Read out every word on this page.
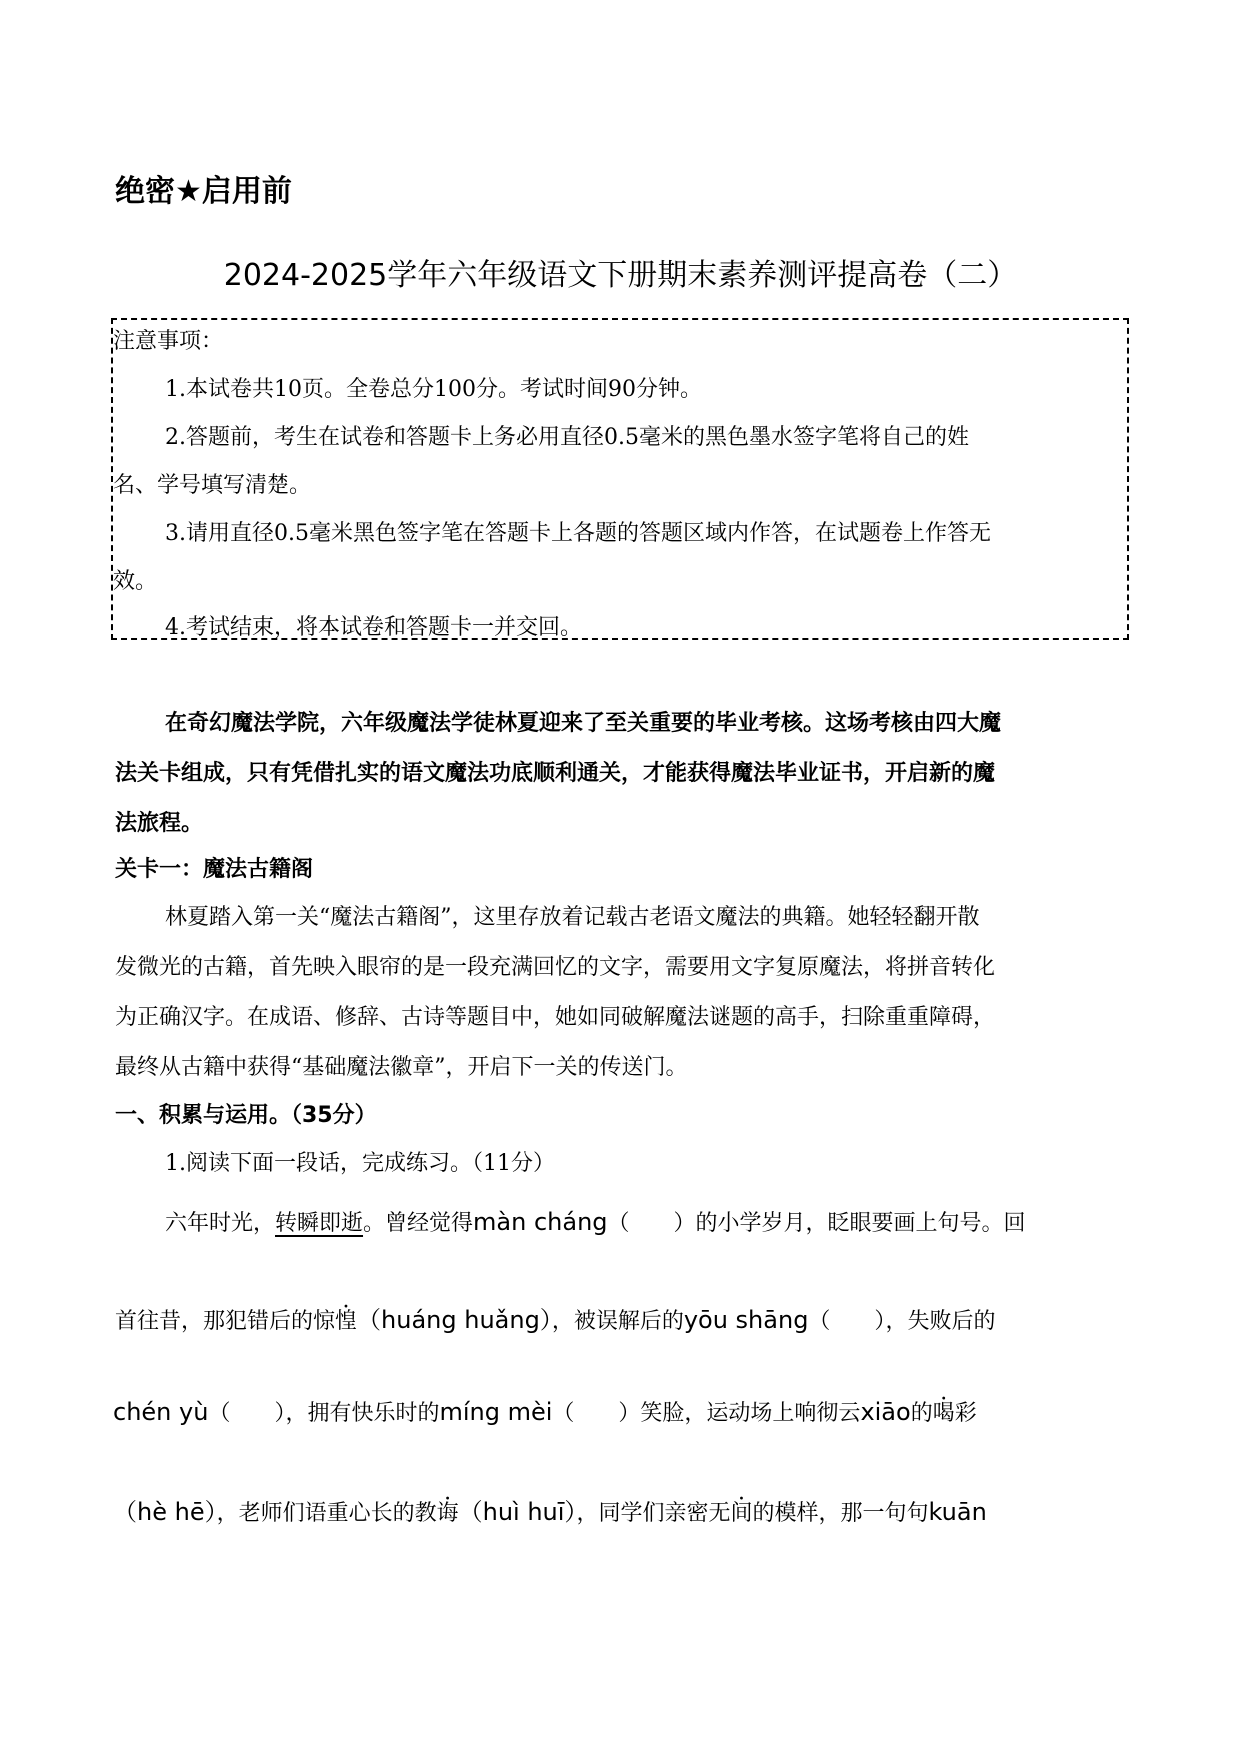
绝密★启用前
2024-2025学年六年级语文下册期末素养测评提高卷（二）
注意事项：
1.本试卷共10页。全卷总分100分。考试时间90分钟。
2.答题前，考生在试卷和答题卡上务必用直径0.5毫米的黑色墨水签字笔将自己的姓
名、学号填写清楚。
3.请用直径0.5毫米黑色签字笔在答题卡上各题的答题区域内作答，在试题卷上作答无
效。
4.考试结束，将本试卷和答题卡一并交回。
在奇幻魔法学院，六年级魔法学徒林夏迎来了至关重要的毕业考核。这场考核由四大魔
法关卡组成，只有凭借扎实的语文魔法功底顺利通关，才能获得魔法毕业证书，开启新的魔
法旅程。
关卡一：魔法古籍阁
林夏踏入第一关“魔法古籍阁”，这里存放着记载古老语文魔法的典籍。她轻轻翻开散
发微光的古籍，首先映入眼帘的是一段充满回忆的文字，需要用文字复原魔法，将拼音转化
为正确汉字。在成语、修辞、古诗等题目中，她如同破解魔法谜题的高手，扫除重重障碍，
最终从古籍中获得“基础魔法徽章”，开启下一关的传送门。
一、积累与运用。（35分）
1.阅读下面一段话，完成练习。（11分）
六年时光，转瞬即逝。曾经觉得màn cháng（　　）的小学岁月，眨眼要画上句号。回
首往昔，那犯错后的惊惶（huáng huǎng），被误解后的yōu shāng（　　），失败后的
chén yù（　　），拥有快乐时的míng mèi（　　）笑脸，运动场上响彻云xiāo的喝彩
（hè hē），老师们语重心长的教诲（huì huī），同学们亲密无间的模样，那一句句kuān
